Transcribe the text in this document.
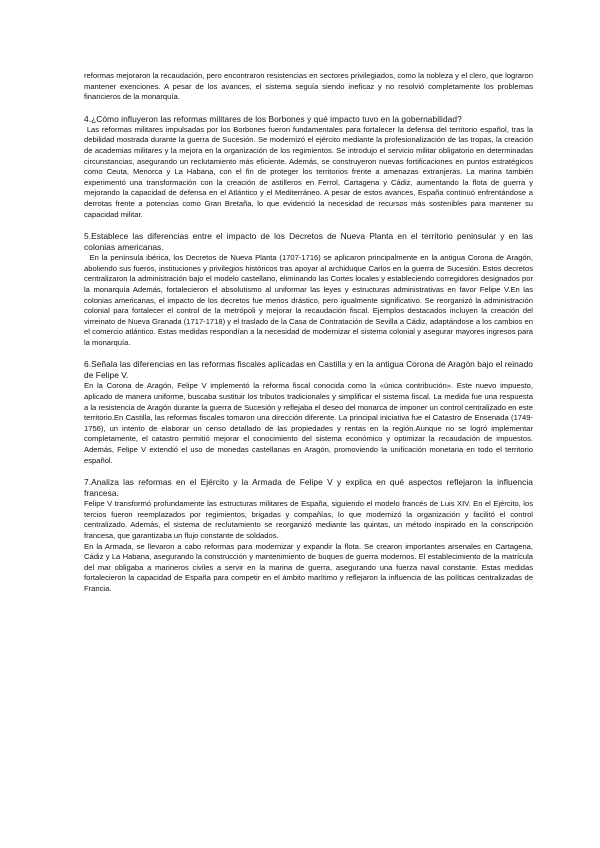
reformas mejoraron la recaudación, pero encontraron resistencias en sectores privilegiados, como la nobleza y el clero, que lograron mantener exenciones. A pesar de los avances, el sistema seguía siendo ineficaz y no resolvió completamente los problemas financieros de la monarquía.

4.¿Cómo influyeron las reformas militares de los Borbones y qué impacto tuvo en la gobernabilidad?

Las reformas militares impulsadas por los Borbones fueron fundamentales para fortalecer la defensa del territorio español, tras la debilidad mostrada durante la guerra de Sucesión. Se modernizó el ejército mediante la profesionalización de las tropas, la creación de academias militares y la mejora en la organización de los regimientos. Se introdujo el servicio militar obligatorio en determinadas circunstancias, asegurando un reclutamiento más eficiente. Además, se construyeron nuevas fortificaciones en puntos estratégicos como Ceuta, Menorca y La Habana, con el fin de proteger los territorios frente a amenazas extranjeras. La marina también experimentó una transformación con la creación de astilleros en Ferrol, Cartagena y Cádiz, aumentando la flota de guerra y mejorando la capacidad de defensa en el Atlántico y el Mediterráneo. A pesar de estos avances, España continuó enfrentándose a derrotas frente a potencias como Gran Bretaña, lo que evidenció la necesidad de recursos más sostenibles para mantener su capacidad militar.

5.Establece las diferencias entre el impacto de los Decretos de Nueva Planta en el territorio peninsular y en las colonias americanas.

En la península ibérica, los Decretos de Nueva Planta (1707-1716) se aplicaron principalmente en la antigua Corona de Aragón, aboliendo sus fueros, instituciones y privilegios históricos tras apoyar al archiduque Carlos en la guerra de Sucesión. Estos decretos centralizaron la administración bajo el modelo castellano, eliminando las Cortes locales y estableciendo corregidores designados por la monarquía Además, fortalecieron el absolutismo al uniformar las leyes y estructuras administrativas en favor Felipe V.En las colonias americanas, el impacto de los decretos fue menos drástico, pero igualmente significativo. Se reorganizó la administración colonial para fortalecer el control de la metrópoli y mejorar la recaudación fiscal. Ejemplos destacados incluyen la creación del virreinato de Nueva Granada (1717-1718) y el traslado de la Casa de Contratación de Sevilla a Cádiz, adaptándose a los cambios en el comercio atlántico. Estas medidas respondían a la necesidad de modernizar el sistema colonial y asegurar mayores ingresos para la monarquía.

6.Señala las diferencias en las reformas fiscales aplicadas en Castilla y en la antigua Corona de Aragón bajo el reinado de Felipe V.

En la Corona de Aragón, Felipe V implementó la reforma fiscal conocida como la «única contribución». Este nuevo impuesto, aplicado de manera uniforme, buscaba sustituir los tributos tradicionales y simplificar el sistema fiscal. La medida fue una respuesta a la resistencia de Aragón durante la guerra de Sucesión y reflejaba el deseo del monarca de imponer un control centralizado en este territorio.En Castilla, las reformas fiscales tomaron una dirección diferente. La principal iniciativa fue el Catastro de Ensenada (1749-1756), un intento de elaborar un censo detallado de las propiedades y rentas en la región.Aunque no se logró implementar completamente, el catastro permitió mejorar el conocimiento del sistema económico y optimizar la recaudación de impuestos. Además, Felipe V extendió el uso de monedas castellanas en Aragón, promoviendo la unificación monetaria en todo el territorio español.

7.Analiza las reformas en el Ejército y la Armada de Felipe V y explica en qué aspectos reflejaron la influencia francesa.

Felipe V transformó profundamente las estructuras militares de España, siguiendo el modelo francés de Luis XIV. En el Ejército, los tercios fueron reemplazados por regimientos, brigadas y compañías, lo que modernizó la organización y facilitó el control centralizado. Además, el sistema de reclutamiento se reorganizó mediante las quintas, un método inspirado en la conscripción francesa, que garantizaba un flujo constante de soldados.

En la Armada, se llevaron a cabo reformas para modernizar y expandir la flota. Se crearon importantes arsenales en Cartagena, Cádiz y La Habana, asegurando la construcción y mantenimiento de buques de guerra modernos. El establecimiento de la matrícula del mar obligaba a marineros civiles a servir en la marina de guerra, asegurando una fuerza naval constante. Estas medidas fortalecieron la capacidad de España para competir en el ámbito marítimo y reflejaron la influencia de las políticas centralizadas de Francia.
